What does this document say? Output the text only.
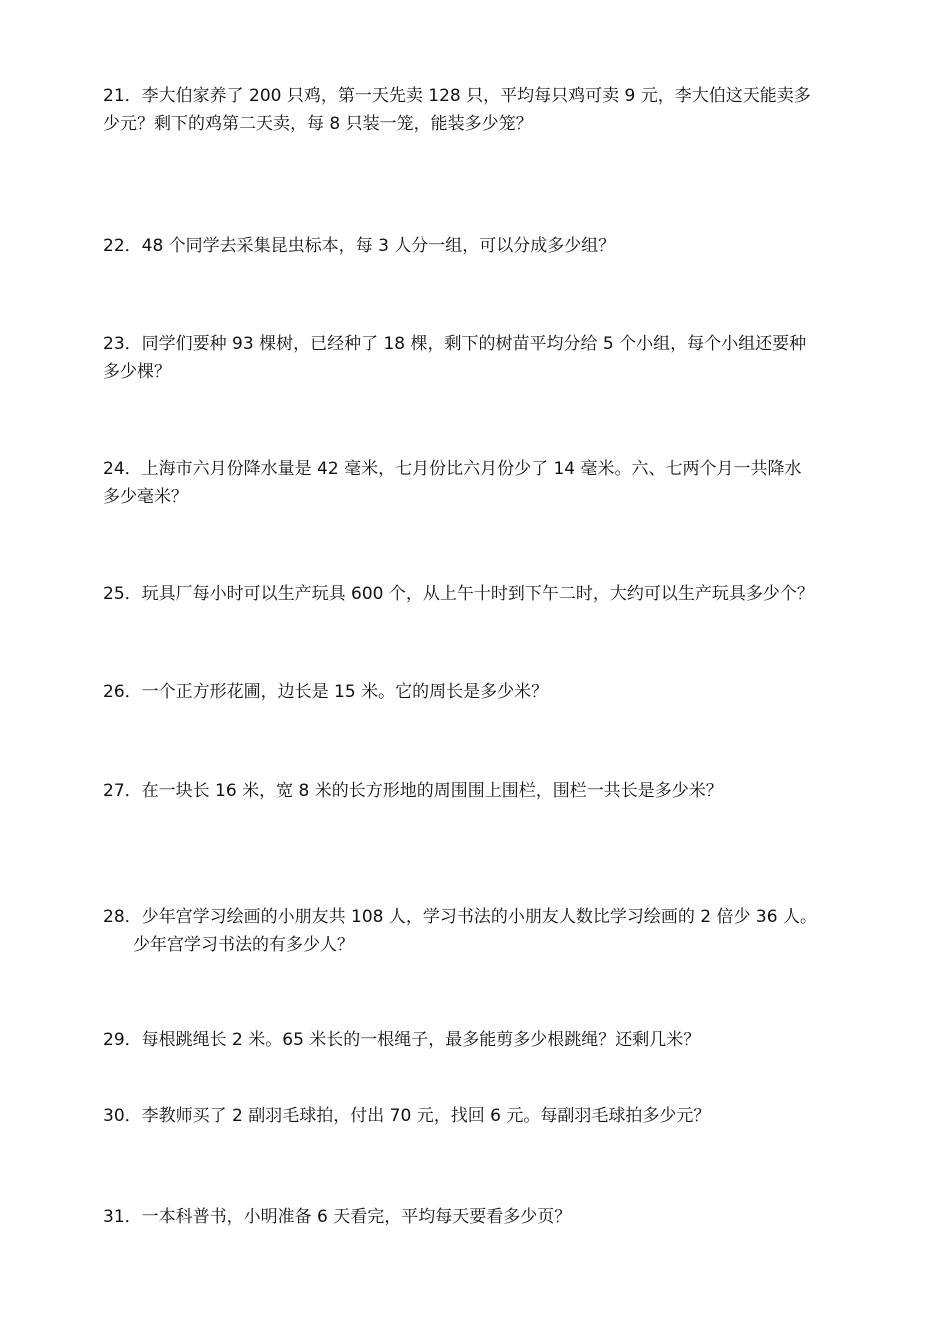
21．李大伯家养了 200 只鸡，第一天先卖 128 只，平均每只鸡可卖 9 元，李大伯这天能卖多
少元？剩下的鸡第二天卖，每 8 只装一笼，能装多少笼？

22．48 个同学去采集昆虫标本，每 3 人分一组，可以分成多少组？

23．同学们要种 93 棵树，已经种了 18 棵，剩下的树苗平均分给 5 个小组，每个小组还要种
多少棵？

24．上海市六月份降水量是 42 毫米，七月份比六月份少了 14 毫米。六、七两个月一共降水
多少毫米？

25．玩具厂每小时可以生产玩具 600 个，从上午十时到下午二时，大约可以生产玩具多少个？

26．一个正方形花圃，边长是 15 米。它的周长是多少米？

27．在一块长 16 米，宽 8 米的长方形地的周围围上围栏，围栏一共长是多少米？

28．少年宫学习绘画的小朋友共 108 人，学习书法的小朋友人数比学习绘画的 2 倍少 36 人。
少年宫学习书法的有多少人？

29．每根跳绳长 2 米。65 米长的一根绳子，最多能剪多少根跳绳？还剩几米？

30．李教师买了 2 副羽毛球拍，付出 70 元，找回 6 元。每副羽毛球拍多少元？

31．一本科普书，小明准备 6 天看完，平均每天要看多少页？
